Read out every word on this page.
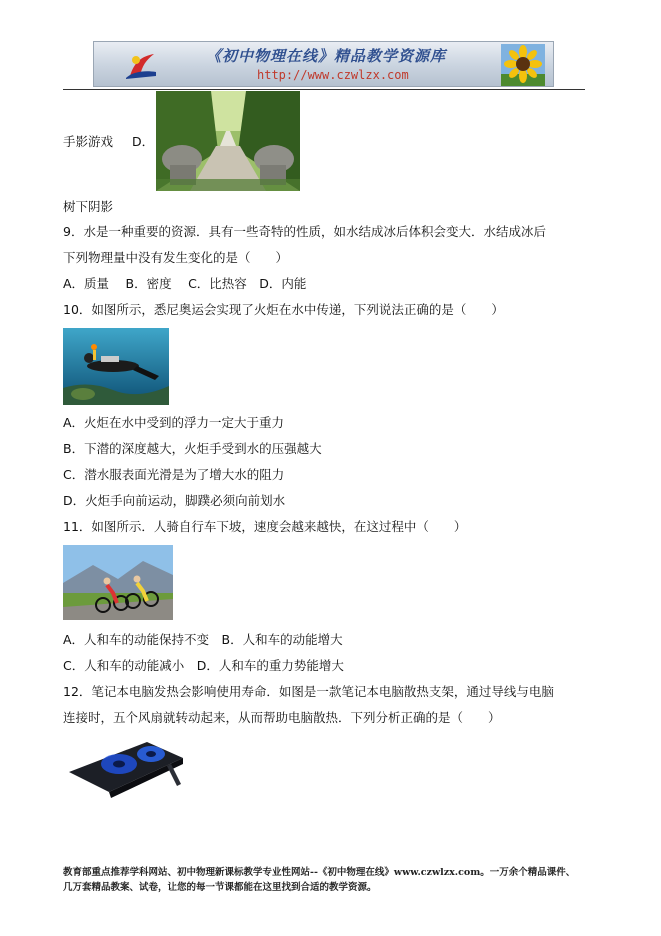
《初中物理在线》精品教学资源库
http://www.czwlzx.com
手影游戏 D．
树下阴影
9．水是一种重要的资源．具有一些奇特的性质，如水结成冰后体积会变大．水结成冰后
下列物理量中没有发生变化的是（　　）
A．质量　 B．密度　 C．比热容　D．内能
10．如图所示，悉尼奥运会实现了火炬在水中传递，下列说法正确的是（　　）
A．火炬在水中受到的浮力一定大于重力
B．下潜的深度越大，火炬手受到水的压强越大
C．潜水服表面光滑是为了增大水的阻力
D．火炬手向前运动，脚蹼必须向前划水
11．如图所示．人骑自行车下坡，速度会越来越快，在这过程中（　　）
A．人和车的动能保持不变　B．人和车的动能增大
C．人和车的动能减小　D．人和车的重力势能增大
12．笔记本电脑发热会影响使用寿命．如图是一款笔记本电脑散热支架，通过导线与电脑
连接时，五个风扇就转动起来，从而帮助电脑散热．下列分析正确的是（　　）
教育部重点推荐学科网站、初中物理新课标教学专业性网站--《初中物理在线》www.czwlzx.com。一万余个精品课件、
几万套精品教案、试卷，让您的每一节课都能在这里找到合适的教学资源。
